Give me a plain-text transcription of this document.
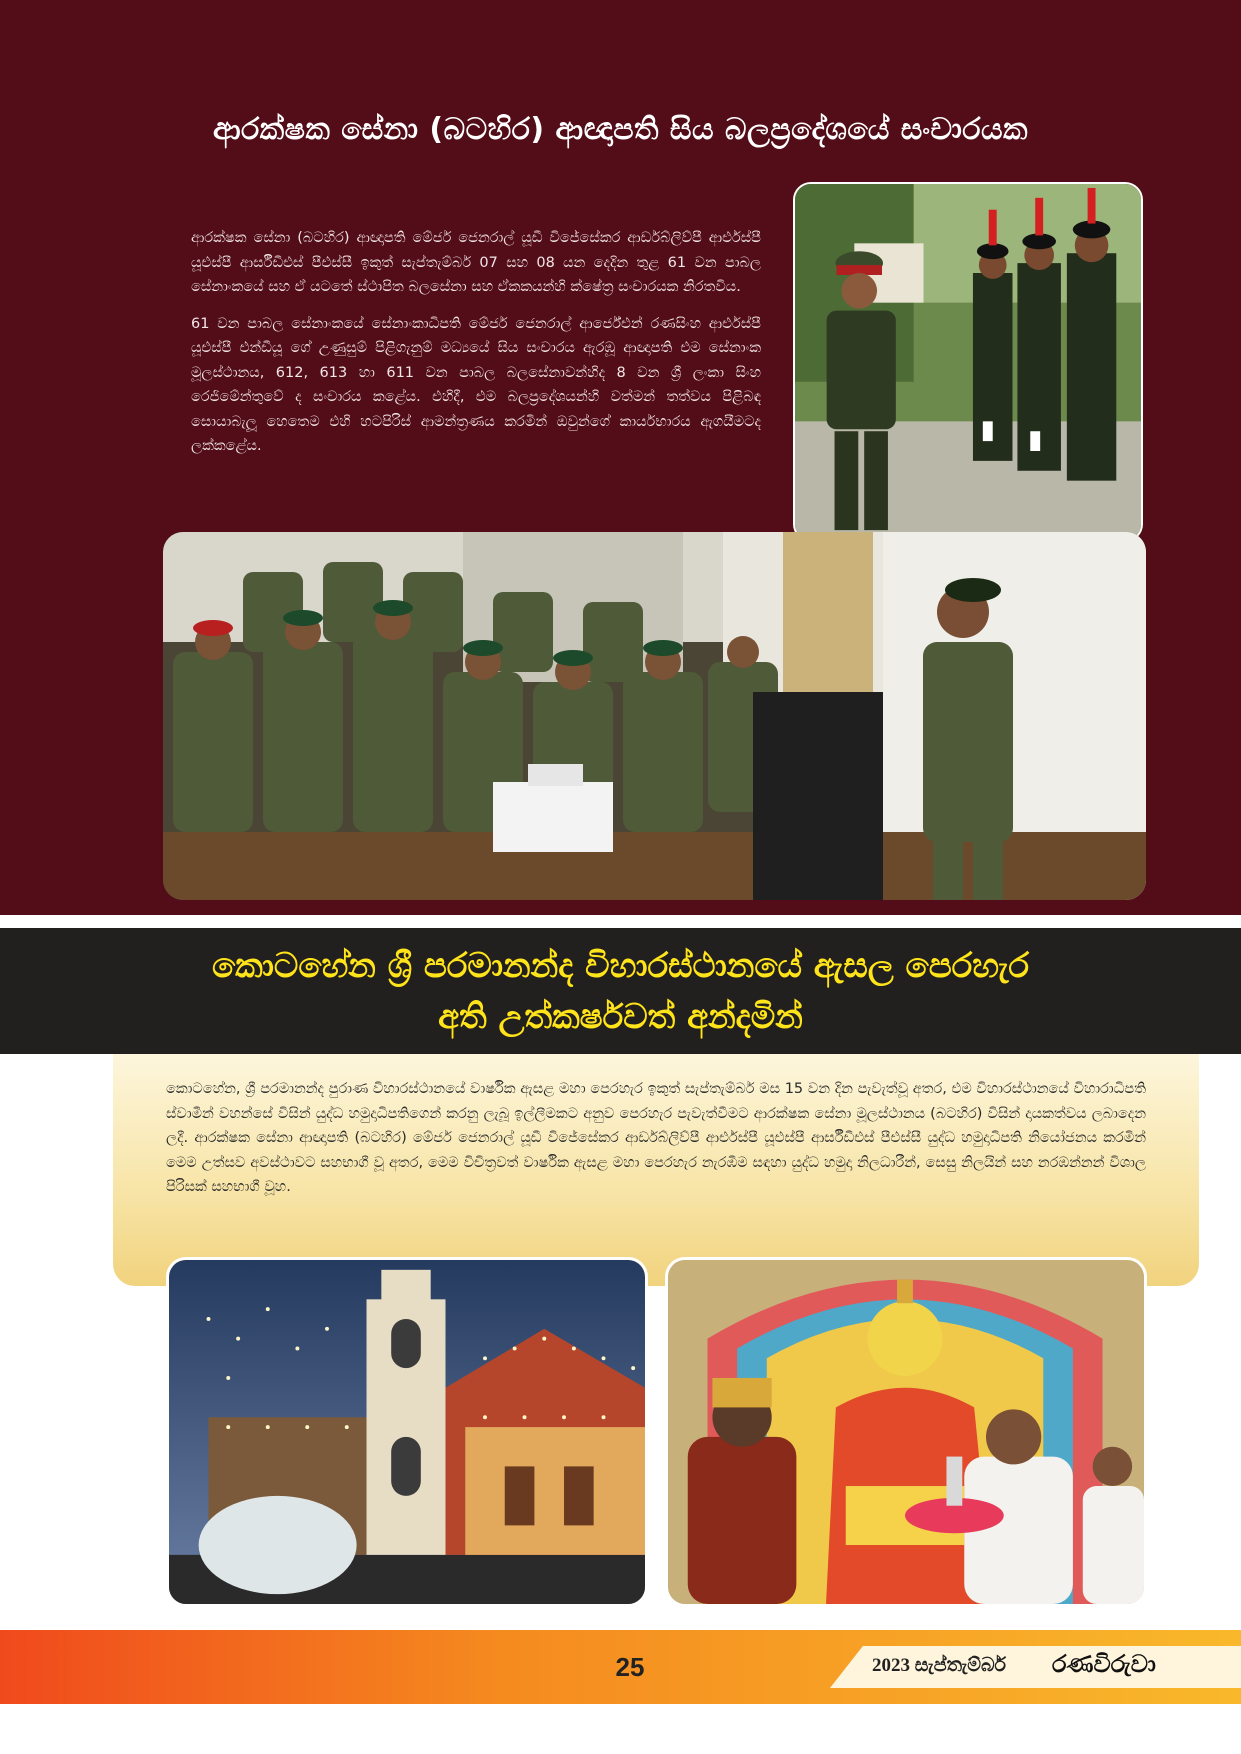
ආරක්ෂක සේනා (බටහිර) ආඥාපති සිය බලප්‍රදේශයේ සංචාරයක

ආරක්ෂක සේනා (බටහිර) ආඥාපති මේජර් ජෙනරාල් යූඩී විජේසේකර ආර්ඩබ්ලිව්පී ආර්එස්පී යූඑස්පී ආර්සීඩීඑස් පීඑස්සී ඉකුත් සැප්තැම්බර් 07 සහ 08 යන දෙදින තුළ 61 වන පාබල සේනාංකයේ සහ ඒ යටතේ ස්ථාපිත බලසේනා සහ ඒකකයන්හි ක්ෂේත්‍ර සංචාරයක නිරතවිය.

61 වන පාබල සේනාංකයේ සේනාංකාධිපති මේජර් ජෙනරාල් ආර්ජේඑන් රණසිංහ ආර්එස්පී යූඑස්පී එන්ඩීයූ ගේ උණුසුම් පිළිගැනුම් මධ්‍යයේ සිය සංචාරය ඇරඹූ ආඥාපති එම සේනාංක මූලස්ථානය, 612, 613 හා 611 වන පාබල බලසේනාවන්හිද 8 වන ශ්‍රී ලංකා සිංහ රෙජිමේන්තුවේ ද සංචාරය කළේය. එහිදී, එම බලප්‍රදේශයන්හි වත්මන් තත්වය පිළිබඳ සොයාබැලූ හෙතෙම එහි හටපිරිස් ආමන්ත්‍රණය කරමින් ඔවුන්ගේ කාර්යභාරය ඇගයීමටද ලක්කළේය.

කොටහේන ශ්‍රී පරමානන්ද විහාරස්ථානයේ ඇසල පෙරහැර
අති උත්කර්ෂවත් අන්දමින්
කොටහේන, ශ්‍රී පරමානන්ද පුරාණ විහාරස්ථානයේ වාර්ෂික ඇසළ මහා පෙරහැර ඉකුත් සැප්තැම්බර් මස 15 වන දින පැවැත්වූ අතර, එම විහාරස්ථානයේ විහාරාධිපති ස්වාමීන් වහන්සේ විසින් යුද්ධ හමුදාධිපතිගෙන් කරනු ලැබූ ඉල්ලීමකට අනුව පෙරහැර පැවැත්වීමට ආරක්ෂක සේනා මූලස්ථානය (බටහිර) විසින් දායකත්වය ලබාදෙන ලදී. ආරක්ෂක සේනා ආඥාපති (බටහිර) මේජර් ජෙනරාල් යූඩී විජේසේකර ආර්ඩබ්ලිව්පී ආර්එස්පී යූඑස්පී ආර්සීඩීඑස් පීඑස්සී යුද්ධ හමුදාධිපති නියෝජනය කරමින් මෙම උත්සව අවස්ථාවට සහභාගී වූ අතර, මෙම විචිත්‍රවත් වාර්ෂික ඇසළ මහා පෙරහැර නැරඹීම සඳහා යුද්ධ හමුදා නිලධාරීන්, සෙසු නිලයින් සහ නරඹන්නන් විශාල පිරිසක් සහභාගී වූහ.
25	2023 සැප්තැම්බර්	රණවිරුවා
